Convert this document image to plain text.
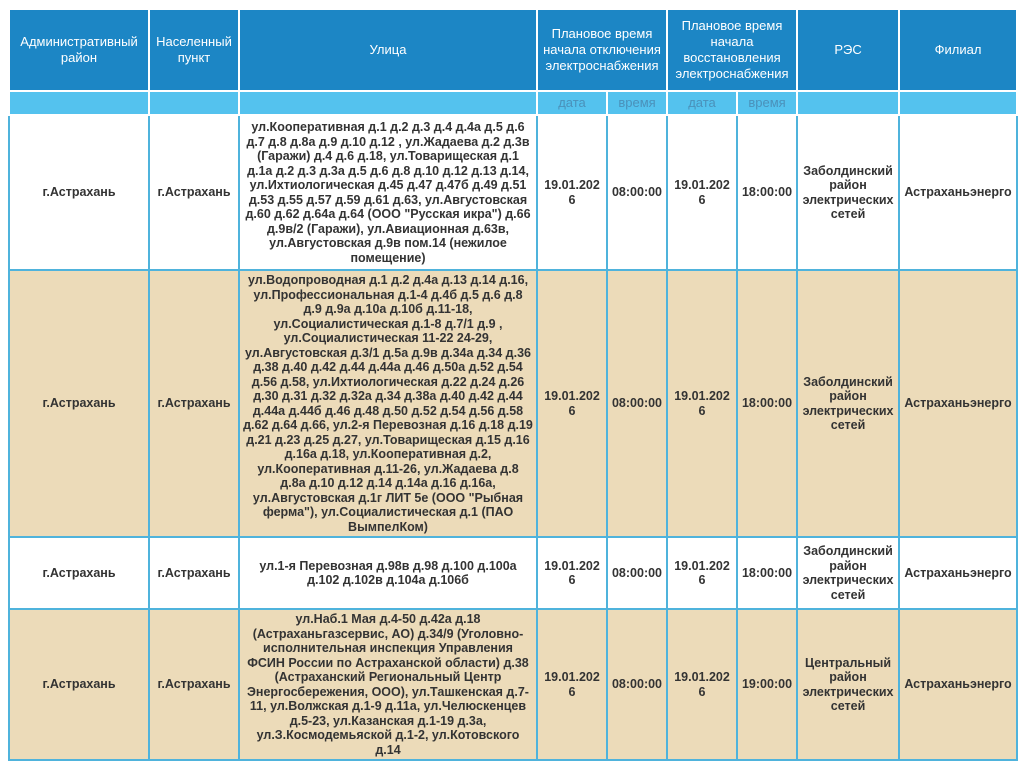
Административный район	Населенный пункт	Улица	Плановое время начала отключения электроснабжения		Плановое время начала восстановления электроснабжения		РЭС	Филиал
			дата	время	дата	время		
г.Астрахань	г.Астрахань	ул.Кооперативная д.1 д.2 д.3 д.4 д.4а д.5 д.6 д.7 д.8 д.8а д.9 д.10 д.12 , ул.Жадаева д.2 д.3в (Гаражи) д.4 д.6 д.18, ул.Товарищеская д.1 д.1а д.2 д.3 д.3а д.5 д.6 д.8 д.10 д.12 д.13 д.14, ул.Ихтиологическая д.45 д.47 д.47б д.49 д.51 д.53 д.55 д.57 д.59 д.61 д.63, ул.Августовская д.60 д.62 д.64а д.64 (ООО "Русская икра") д.66 д.9в/2 (Гаражи), ул.Авиационная д.63в, ул.Августовская д.9в пом.14 (нежилое помещение)	19.01.2026	08:00:00	19.01.2026	18:00:00	Заболдинский район электрических сетей	Астраханьэнерго
г.Астрахань	г.Астрахань	ул.Водопроводная д.1 д.2 д.4а д.13 д.14 д.16, ул.Профессиональная д.1-4 д.4б д.5 д.6 д.8 д.9 д.9а д.10а д.10б д.11-18, ул.Социалистическая д.1-8 д.7/1 д.9 , ул.Социалистическая 11-22 24-29, ул.Августовская д.3/1 д.5а д.9в д.34а д.34 д.36 д.38 д.40 д.42 д.44 д.44а д.46 д.50а д.52 д.54 д.56 д.58, ул.Ихтиологическая д.22 д.24 д.26 д.30 д.31 д.32 д.32а д.34 д.38а д.40 д.42 д.44 д.44а д.44б д.46 д.48 д.50 д.52 д.54 д.56 д.58 д.62 д.64 д.66, ул.2-я Перевозная д.16 д.18 д.19 д.21 д.23 д.25 д.27, ул.Товарищеская д.15 д.16 д.16а д.18, ул.Кооперативная д.2, ул.Кооперативная д.11-26, ул.Жадаева д.8 д.8а д.10 д.12 д.14 д.14а д.16 д.16а, ул.Августовская д.1г ЛИТ 5е (ООО "Рыбная ферма"), ул.Социалистическая д.1 (ПАО ВымпелКом)	19.01.2026	08:00:00	19.01.2026	18:00:00	Заболдинский район электрических сетей	Астраханьэнерго
г.Астрахань	г.Астрахань	ул.1-я Перевозная д.98в д.98 д.100 д.100а д.102 д.102в д.104а д.106б	19.01.2026	08:00:00	19.01.2026	18:00:00	Заболдинский район электрических сетей	Астраханьэнерго
г.Астрахань	г.Астрахань	ул.Наб.1 Мая д.4-50 д.42а д.18 (Астраханьгазсервис, АО) д.34/9 (Уголовно-исполнительная инспекция Управления ФСИН России по Астраханской области) д.38 (Астраханский Региональный Центр Энергосбережения, ООО), ул.Ташкенская д.7-11, ул.Волжская д.1-9 д.11а, ул.Челюскенцев д.5-23, ул.Казанская д.1-19 д.3а, ул.З.Космодемьяской д.1-2, ул.Котовского д.14	19.01.2026	08:00:00	19.01.2026	19:00:00	Центральный район электрических сетей	Астраханьэнерго
